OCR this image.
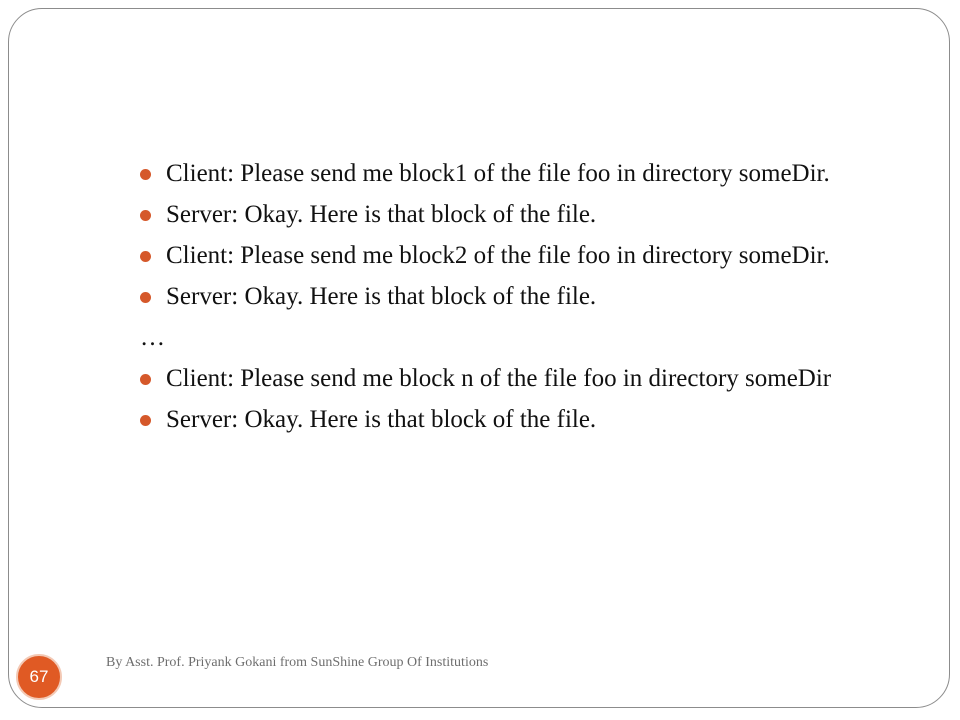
Client: Please send me block1 of the file foo in directory someDir.
Server: Okay. Here is that block of the file.
Client: Please send me block2 of the file foo in directory someDir.
Server: Okay. Here is that block of the file.
…
Client: Please send me block n of the file foo in directory someDir
Server: Okay. Here is that block of the file.
67
By Asst. Prof. Priyank Gokani from SunShine Group Of Institutions
